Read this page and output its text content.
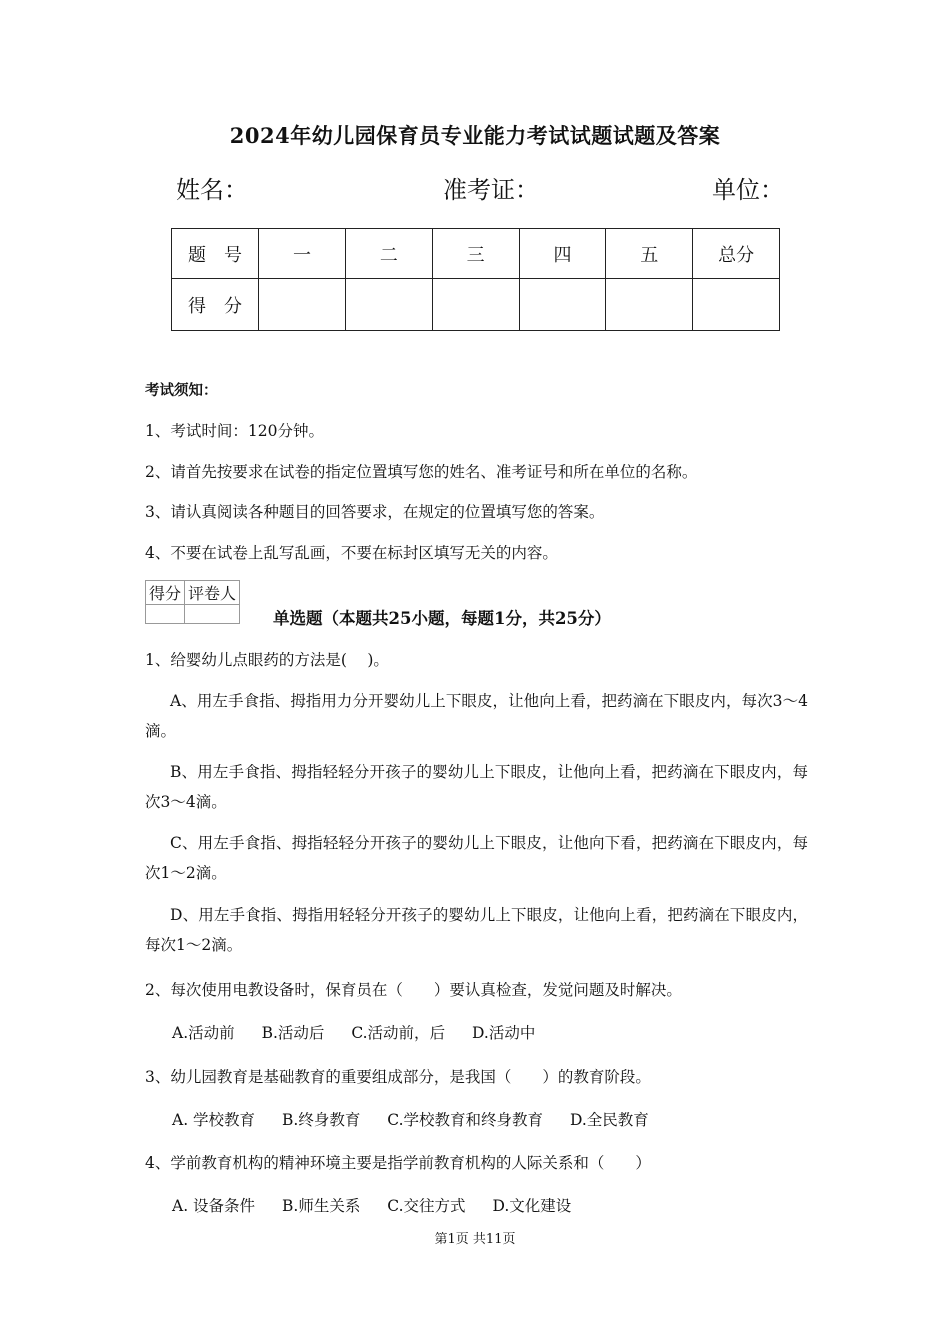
2024年幼儿园保育员专业能力考试试题试题及答案
姓名：	准考证：	单位：
题　号	一	二	三	四	五	总分
得　分						
考试须知：
1、考试时间：120分钟。
2、请首先按要求在试卷的指定位置填写您的姓名、准考证号和所在单位的名称。
3、请认真阅读各种题目的回答要求，在规定的位置填写您的答案。
4、不要在试卷上乱写乱画，不要在标封区填写无关的内容。
得分	评卷人

单选题（本题共25小题，每题1分，共25分）
1、给婴幼儿点眼药的方法是(　 )。
A、用左手食指、拇指用力分开婴幼儿上下眼皮，让他向上看，把药滴在下眼皮内，每次3～4滴。
B、用左手食指、拇指轻轻分开孩子的婴幼儿上下眼皮，让他向上看，把药滴在下眼皮内，每次3～4滴。
C、用左手食指、拇指轻轻分开孩子的婴幼儿上下眼皮，让他向下看，把药滴在下眼皮内，每次1～2滴。
D、用左手食指、拇指用轻轻分开孩子的婴幼儿上下眼皮，让他向上看，把药滴在下眼皮内，每次1～2滴。
2、每次使用电教设备时，保育员在（　　）要认真检查，发觉问题及时解决。
A.活动前 B.活动后 C.活动前，后 D.活动中
3、幼儿园教育是基础教育的重要组成部分，是我国（　　）的教育阶段。
A. 学校教育 B.终身教育 C.学校教育和终身教育 D.全民教育
4、学前教育机构的精神环境主要是指学前教育机构的人际关系和（　　）
A. 设备条件 B.师生关系 C.交往方式 D.文化建设
第1页 共11页
